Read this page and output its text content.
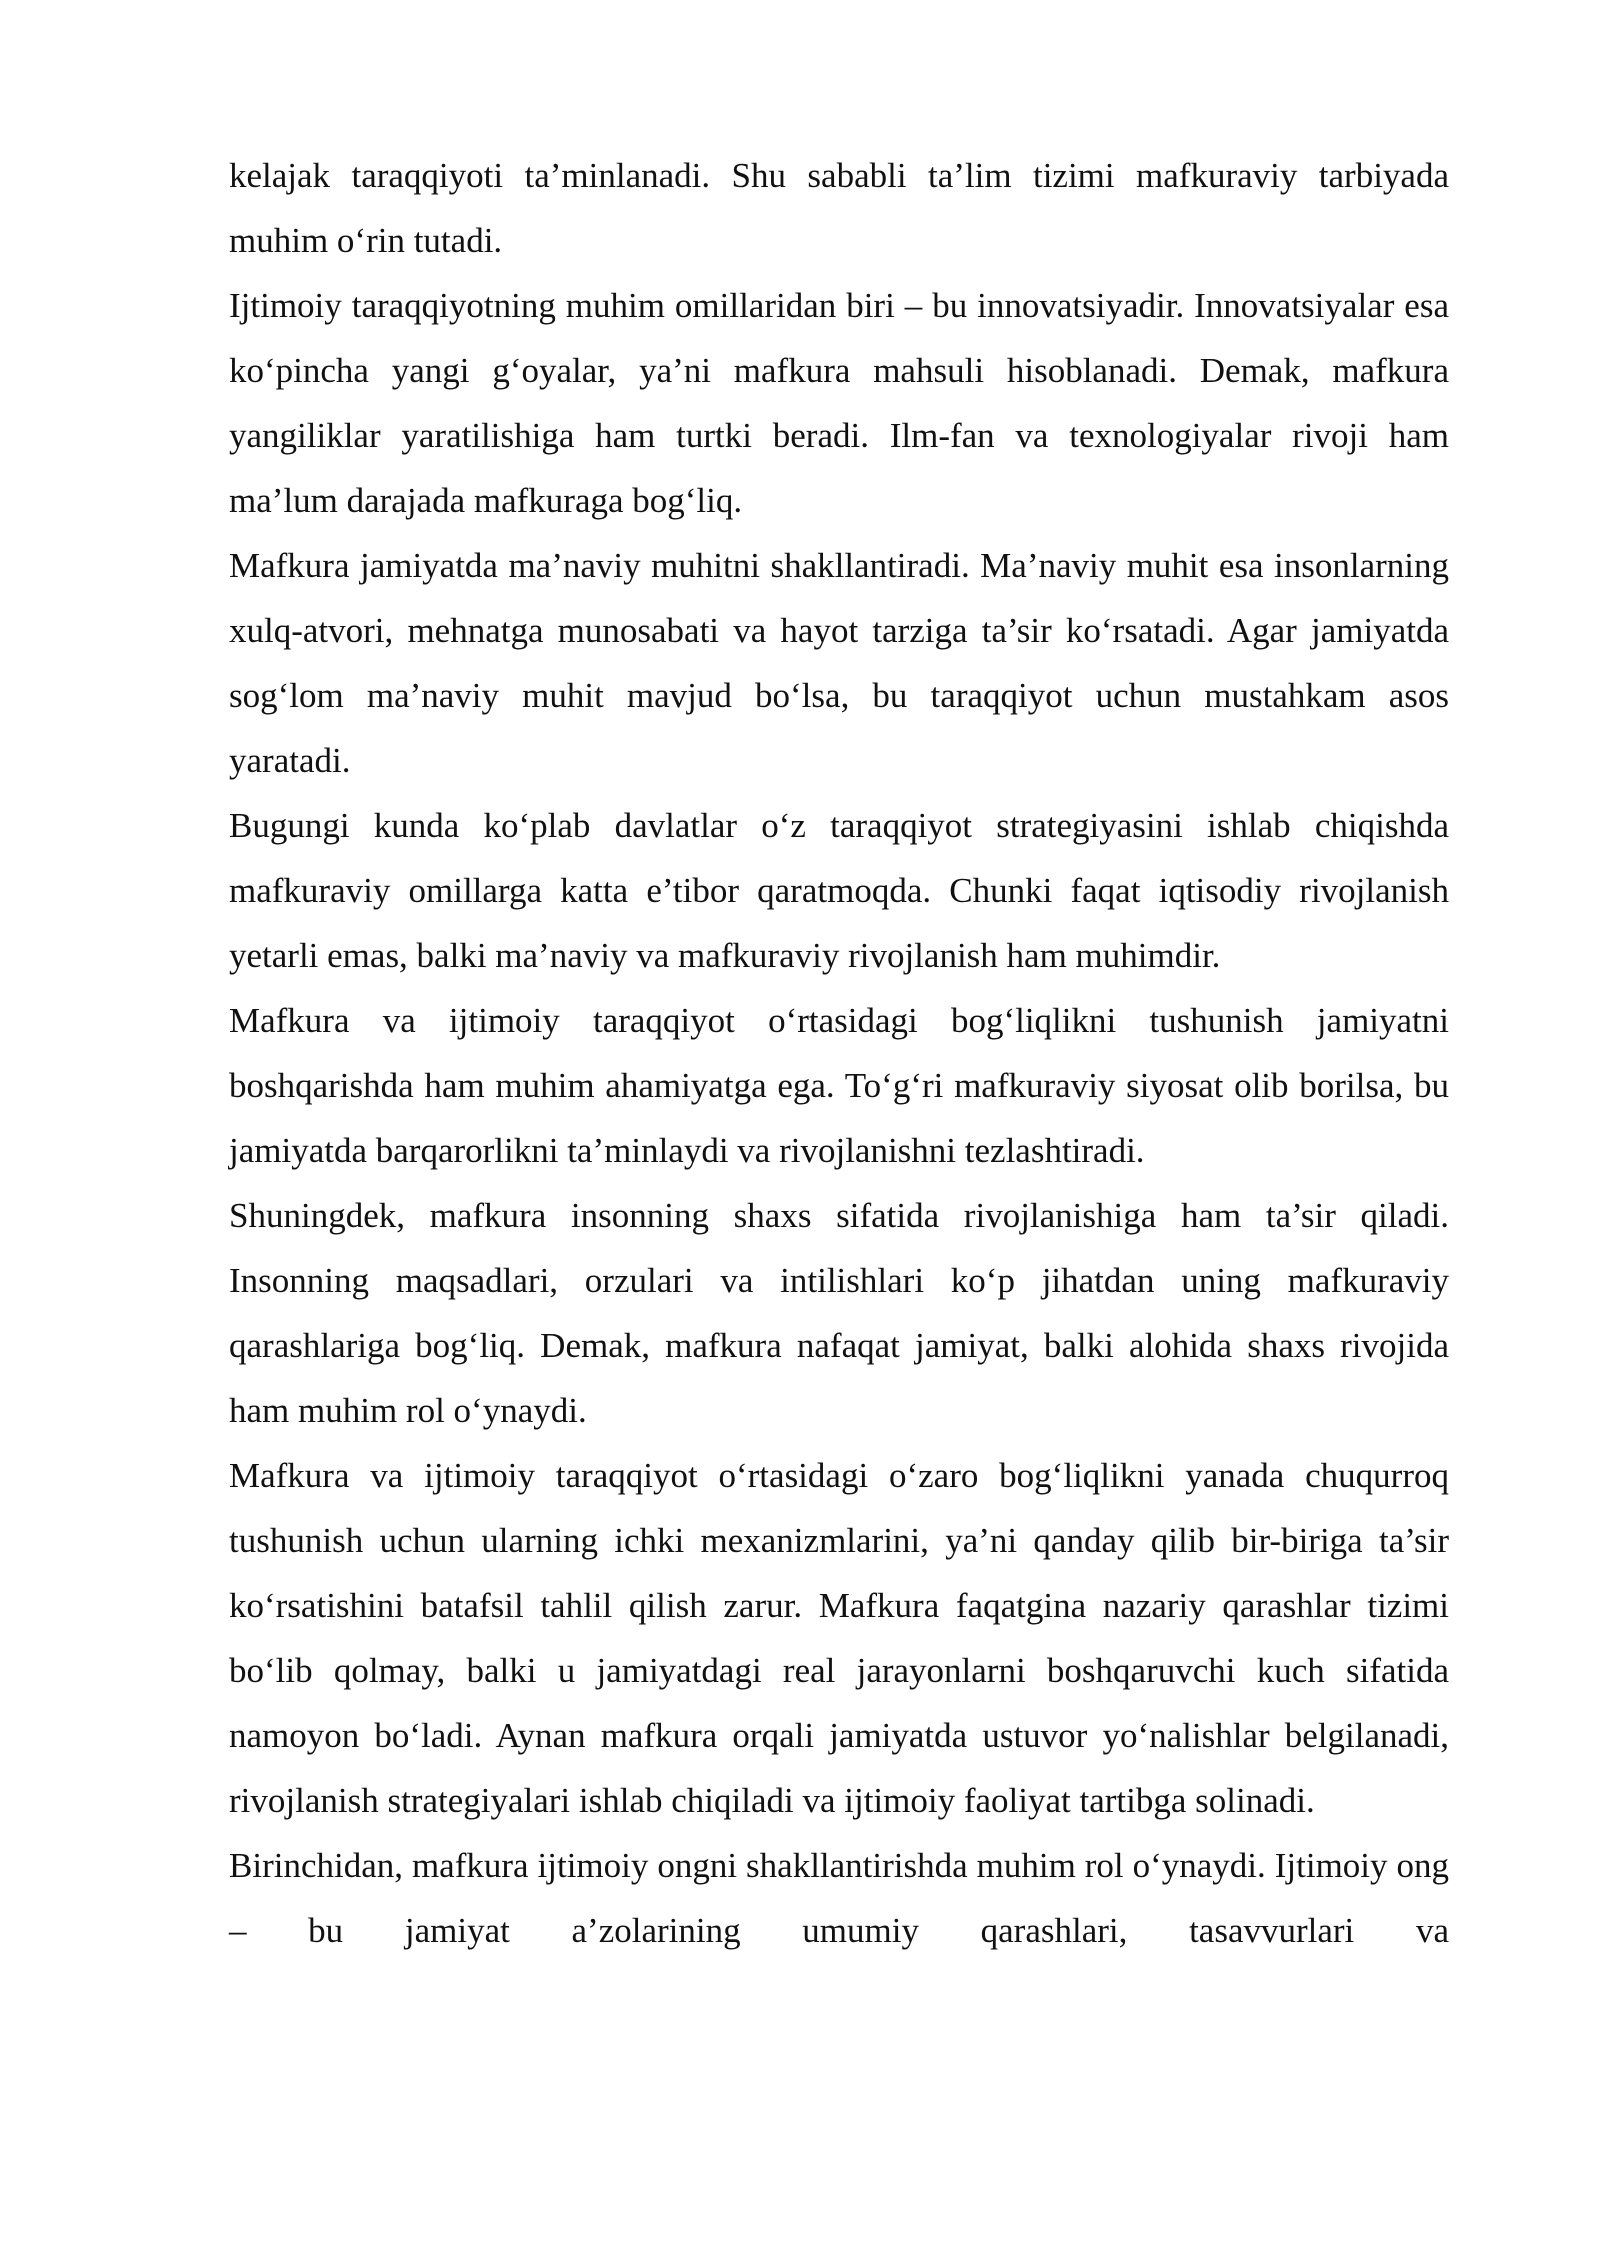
kelajak taraqqiyoti ta’minlanadi. Shu sababli ta’lim tizimi mafkuraviy tarbiyada muhim o‘rin tutadi.

Ijtimoiy taraqqiyotning muhim omillaridan biri – bu innovatsiyadir. Innovatsiyalar esa ko‘pincha yangi g‘oyalar, ya’ni mafkura mahsuli hisoblanadi. Demak, mafkura yangiliklar yaratilishiga ham turtki beradi. Ilm-fan va texnologiyalar rivoji ham ma’lum darajada mafkuraga bog‘liq.

Mafkura jamiyatda ma’naviy muhitni shakllantiradi. Ma’naviy muhit esa insonlarning xulq-atvori, mehnatga munosabati va hayot tarziga ta’sir ko‘rsatadi. Agar jamiyatda sog‘lom ma’naviy muhit mavjud bo‘lsa, bu taraqqiyot uchun mustahkam asos yaratadi.

Bugungi kunda ko‘plab davlatlar o‘z taraqqiyot strategiyasini ishlab chiqishda mafkuraviy omillarga katta e’tibor qaratmoqda. Chunki faqat iqtisodiy rivojlanish yetarli emas, balki ma’naviy va mafkuraviy rivojlanish ham muhimdir.

Mafkura va ijtimoiy taraqqiyot o‘rtasidagi bog‘liqlikni tushunish jamiyatni boshqarishda ham muhim ahamiyatga ega. To‘g‘ri mafkuraviy siyosat olib borilsa, bu jamiyatda barqarorlikni ta’minlaydi va rivojlanishni tezlashtiradi.

Shuningdek, mafkura insonning shaxs sifatida rivojlanishiga ham ta’sir qiladi. Insonning maqsadlari, orzulari va intilishlari ko‘p jihatdan uning mafkuraviy qarashlariga bog‘liq. Demak, mafkura nafaqat jamiyat, balki alohida shaxs rivojida ham muhim rol o‘ynaydi.

Mafkura va ijtimoiy taraqqiyot o‘rtasidagi o‘zaro bog‘liqlikni yanada chuqurroq tushunish uchun ularning ichki mexanizmlarini, ya’ni qanday qilib bir-biriga ta’sir ko‘rsatishini batafsil tahlil qilish zarur. Mafkura faqatgina nazariy qarashlar tizimi bo‘lib qolmay, balki u jamiyatdagi real jarayonlarni boshqaruvchi kuch sifatida namoyon bo‘ladi. Aynan mafkura orqali jamiyatda ustuvor yo‘nalishlar belgilanadi, rivojlanish strategiyalari ishlab chiqiladi va ijtimoiy faoliyat tartibga solinadi.

Birinchidan, mafkura ijtimoiy ongni shakllantirishda muhim rol o‘ynaydi. Ijtimoiy ong – bu jamiyat a’zolarining umumiy qarashlari, tasavvurlari va
